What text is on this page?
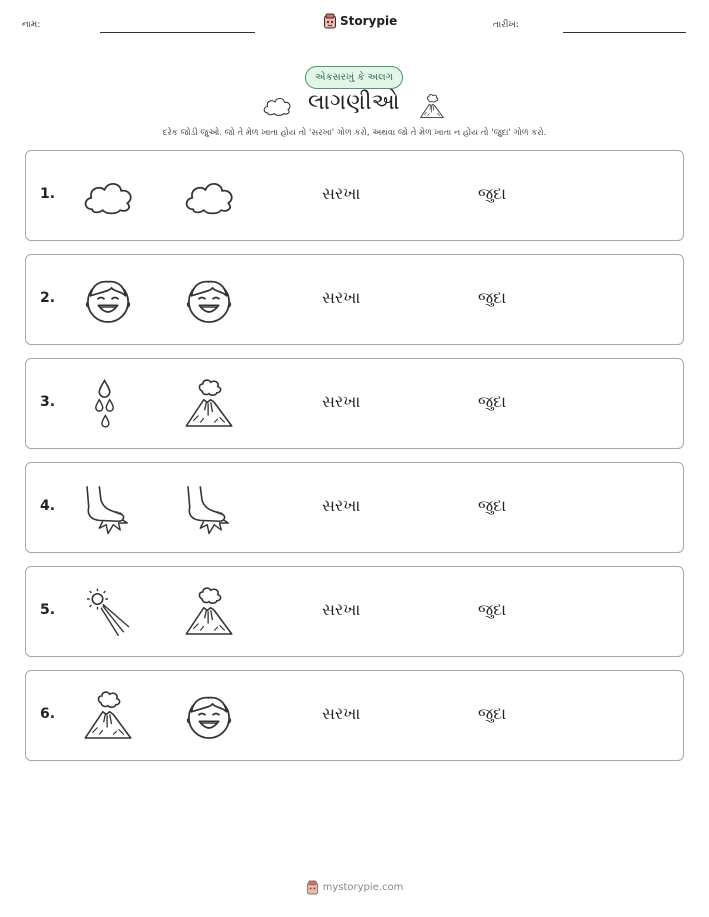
નામ:	Storypie	તારીખ:
એકસરખું કે અલગ
લાગણીઓ
દરેક જોડી જુઓ. જો તે મેળ ખાતા હોય તો 'સરખા' ગોળ કરો, અથવા જો તે મેળ ખાતા ન હોય તો 'જુદા' ગોળ કરો.
1.	સરખા	જુદા
2.	સરખા	જુદા
3.	સરખા	જુદા
4.	સરખા	જુદા
5.	સરખા	જુદા
6.	સરખા	જુદા
mystorypie.com
